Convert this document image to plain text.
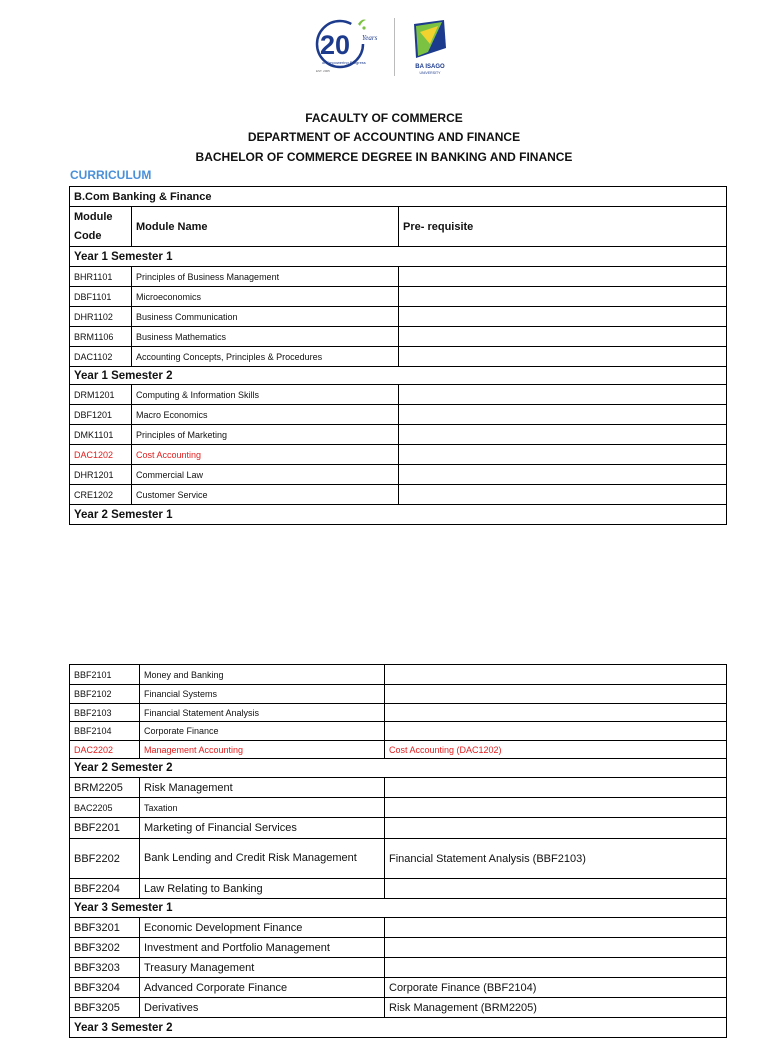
20 Years
of Empowering Progress
EST. 2005
BA ISAGO
UNIVERSITY
FACAULTY OF COMMERCE
DEPARTMENT OF ACCOUNTING AND FINANCE
BACHELOR OF COMMERCE DEGREE IN BANKING AND FINANCE
CURRICULUM
B.Com Banking & Finance		
Module Code	Module Name	Pre- requisite
Year 1 Semester 1		
BHR1101	Principles of Business Management	
DBF1101	Microeconomics	
DHR1102	Business Communication	
BRM1106	Business Mathematics	
DAC1102	Accounting Concepts, Principles & Procedures	
Year 1 Semester 2		
DRM1201	Computing & Information Skills	
DBF1201	Macro Economics	
DMK1101	Principles of Marketing	
DAC1202	Cost Accounting	
DHR1201	Commercial Law	
CRE1202	Customer Service	
Year 2 Semester 1		
BBF2101	Money and Banking	
BBF2102	Financial Systems	
BBF2103	Financial Statement Analysis	
BBF2104	Corporate Finance	
DAC2202	Management Accounting	Cost Accounting (DAC1202)
Year 2 Semester 2		
BRM2205	Risk Management	
BAC2205	Taxation	
BBF2201	Marketing of Financial Services	
BBF2202	Bank Lending and Credit Risk Management	Financial Statement Analysis (BBF2103)
BBF2204	Law Relating to Banking	
Year 3 Semester 1		
BBF3201	Economic Development Finance	
BBF3202	Investment and Portfolio Management	
BBF3203	Treasury Management	
BBF3204	Advanced Corporate Finance	Corporate Finance (BBF2104)
BBF3205	Derivatives	Risk Management (BRM2205)
Year 3 Semester 2		
